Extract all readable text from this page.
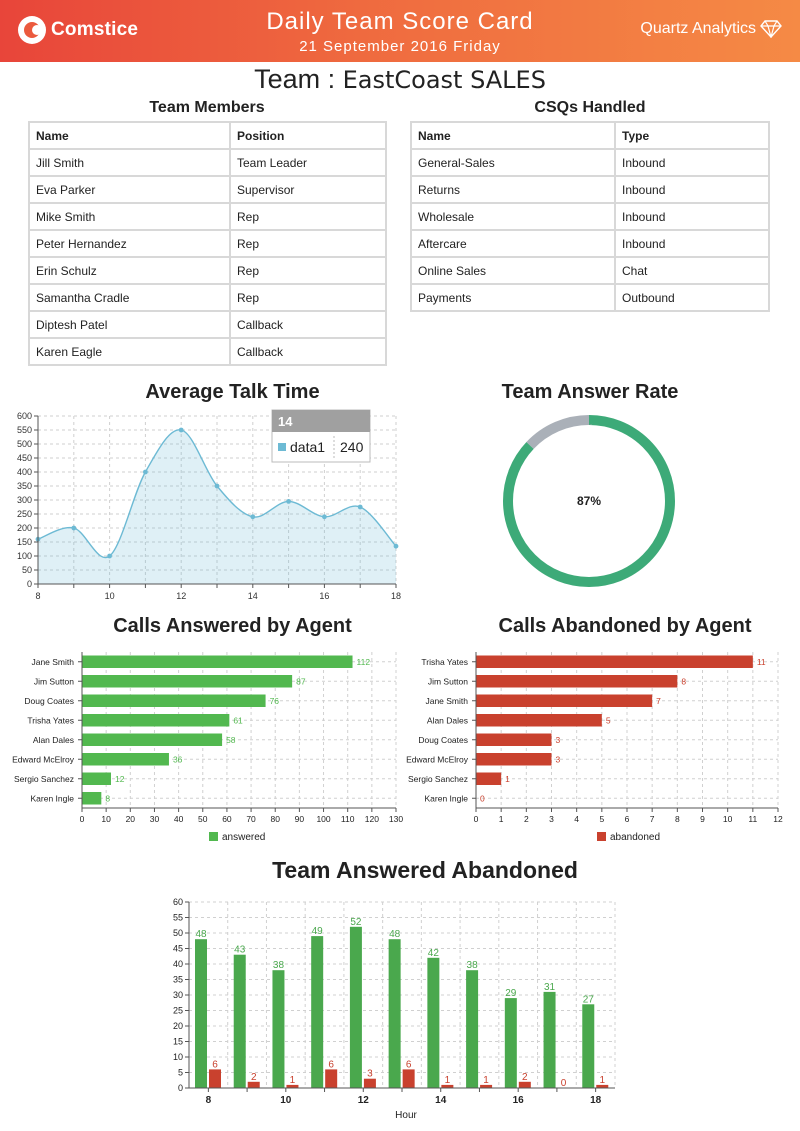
Comstice	Daily Team Score Card
21 September 2016 Friday
Quartz Analytics
Team : EastCoast SALES
Team Members
Name	Position
Jill Smith	Team Leader
Eva Parker	Supervisor
Mike Smith	Rep
Peter Hernandez	Rep
Erin Schulz	Rep
Samantha Cradle	Rep
Diptesh Patel	Callback
Karen Eagle	Callback
CSQs Handled
Name	Type
General-Sales	Inbound
Returns	Inbound
Wholesale	Inbound
Aftercare	Inbound
Online Sales	Chat
Payments	Outbound
Average Talk Time	Team Answer Rate
Calls Answered by Agent	Calls Abandoned by Agent
Team Answered Abandoned
0
50
100
150
200
250
300
350
400
450
500
550
600
8	10	12	14	16	18
14
data1 240
87%
Jane Smith	112
Jim Sutton	87
Doug Coates	76
Trisha Yates	61
Alan Dales	58
Edward McElroy	36
Sergio Sanchez	12
Karen Ingle	8
0 10 20 30 40 50 60 70 80 90 100 110 120 130
answered
Trisha Yates	11
Jim Sutton	8
Jane Smith	7
Alan Dales	5
Doug Coates	3
Edward McElroy	3
Sergio Sanchez	1
Karen Ingle 0
0 1 2 3 4 5 6 7 8 9 10 11 12
abandoned
0
5
10
15
20
25
30
35
40
45
50
55
60
48
6
8
43
2
38
1
10
49
6
52
3
12
48
6
42
1
14
38
1
29
2
16
31
0
27
1
18
Hour
